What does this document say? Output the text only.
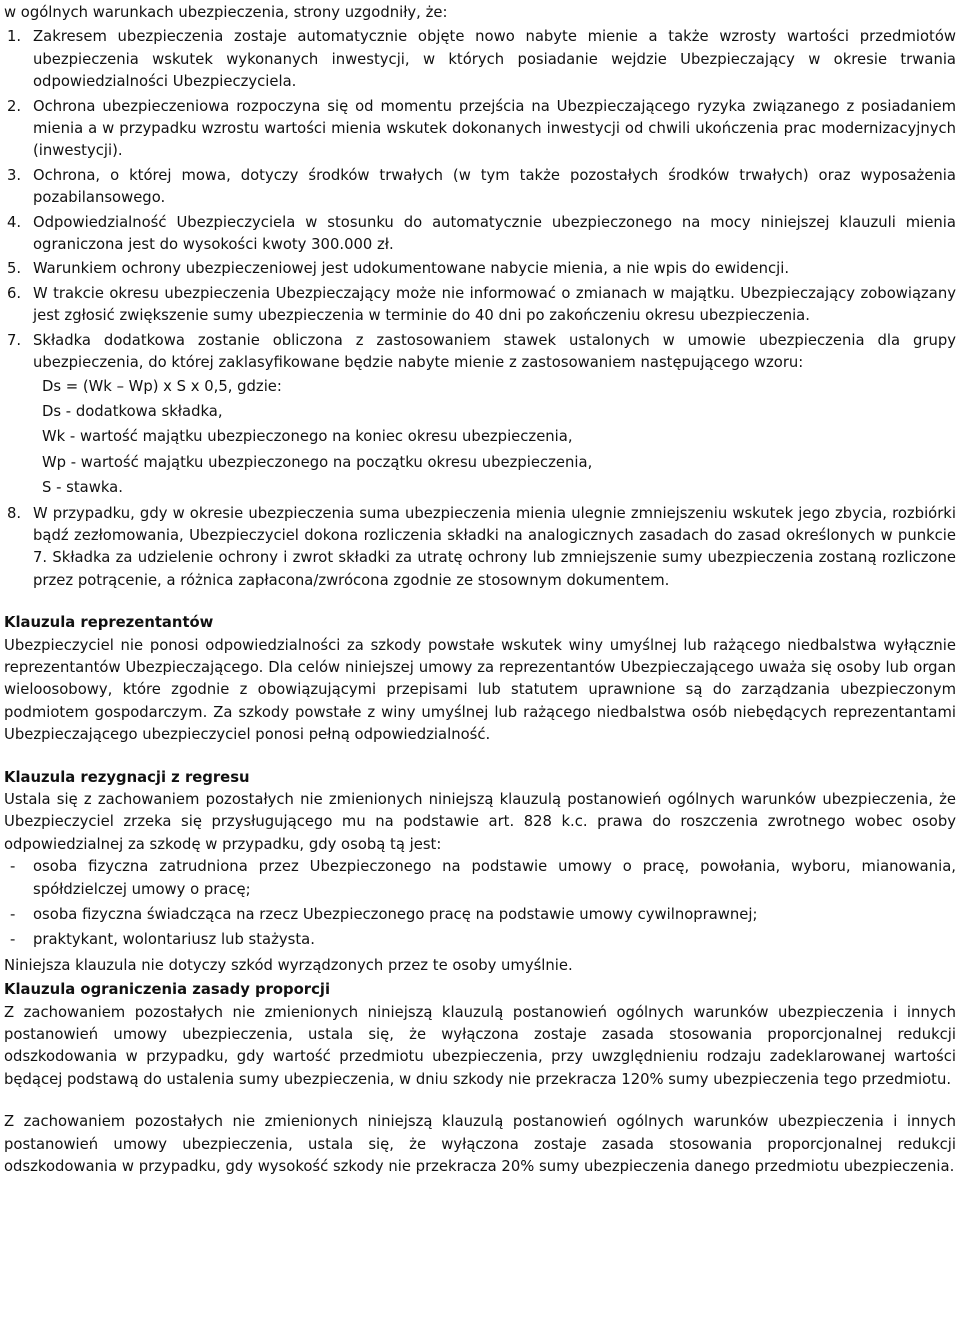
w ogólnych warunkach ubezpieczenia, strony uzgodniły, że:

1. Zakresem ubezpieczenia zostaje automatycznie objęte nowo nabyte mienie a także wzrosty wartości przedmiotów ubezpieczenia wskutek wykonanych inwestycji, w których posiadanie wejdzie Ubezpieczający w okresie trwania odpowiedzialności Ubezpieczyciela.
2. Ochrona ubezpieczeniowa rozpoczyna się od momentu przejścia na Ubezpieczającego ryzyka związanego z posiadaniem mienia a w przypadku wzrostu wartości mienia wskutek dokonanych inwestycji od chwili ukończenia prac modernizacyjnych (inwestycji).
3. Ochrona, o której mowa, dotyczy środków trwałych (w tym także pozostałych środków trwałych) oraz wyposażenia pozabilansowego.
4. Odpowiedzialność Ubezpieczyciela w stosunku do automatycznie ubezpieczonego na mocy niniejszej klauzuli mienia ograniczona jest do wysokości kwoty 300.000 zł.
5. Warunkiem ochrony ubezpieczeniowej jest udokumentowane nabycie mienia, a nie wpis do ewidencji.
6. W trakcie okresu ubezpieczenia Ubezpieczający może nie informować o zmianach w majątku. Ubezpieczający zobowiązany jest zgłosić zwiększenie sumy ubezpieczenia w terminie do 40 dni po zakończeniu okresu ubezpieczenia.
7. Składka dodatkowa zostanie obliczona z zastosowaniem stawek ustalonych w umowie ubezpieczenia dla grupy ubezpieczenia, do której zaklasyfikowane będzie nabyte mienie z zastosowaniem następującego wzoru:
Ds = (Wk – Wp) x S x 0,5, gdzie:
Ds - dodatkowa składka,
Wk - wartość majątku ubezpieczonego na koniec okresu ubezpieczenia,
Wp - wartość majątku ubezpieczonego na początku okresu ubezpieczenia,
S - stawka.
8. W przypadku, gdy w okresie ubezpieczenia suma ubezpieczenia mienia ulegnie zmniejszeniu wskutek jego zbycia, rozbiórki bądź zezłomowania, Ubezpieczyciel dokona rozliczenia składki na analogicznych zasadach do zasad określonych w punkcie 7. Składka za udzielenie ochrony i zwrot składki za utratę ochrony lub zmniejszenie sumy ubezpieczenia zostaną rozliczone przez potrącenie, a różnica zapłacona/zwrócona zgodnie ze stosownym dokumentem.

Klauzula reprezentantów

Ubezpieczyciel nie ponosi odpowiedzialności za szkody powstałe wskutek winy umyślnej lub rażącego niedbalstwa wyłącznie reprezentantów Ubezpieczającego. Dla celów niniejszej umowy za reprezentantów Ubezpieczającego uważa się osoby lub organ wieloosobowy, które zgodnie z obowiązującymi przepisami lub statutem uprawnione są do zarządzania ubezpieczonym podmiotem gospodarczym. Za szkody powstałe z winy umyślnej lub rażącego niedbalstwa osób niebędących reprezentantami Ubezpieczającego ubezpieczyciel ponosi pełną odpowiedzialność.

Klauzula rezygnacji z regresu

Ustala się z zachowaniem pozostałych nie zmienionych niniejszą klauzulą postanowień ogólnych warunków ubezpieczenia, że Ubezpieczyciel zrzeka się przysługującego mu na podstawie art. 828 k.c. prawa do roszczenia zwrotnego wobec osoby odpowiedzialnej za szkodę w przypadku, gdy osobą tą jest:

- osoba fizyczna zatrudniona przez Ubezpieczonego na podstawie umowy o pracę, powołania, wyboru, mianowania, spółdzielczej umowy o pracę;
- osoba fizyczna świadcząca na rzecz Ubezpieczonego pracę na podstawie umowy cywilnoprawnej;
- praktykant, wolontariusz lub stażysta.

Niniejsza klauzula nie dotyczy szkód wyrządzonych przez te osoby umyślnie.

Klauzula ograniczenia zasady proporcji

Z zachowaniem pozostałych nie zmienionych niniejszą klauzulą postanowień ogólnych warunków ubezpieczenia i innych postanowień umowy ubezpieczenia, ustala się, że wyłączona zostaje zasada stosowania proporcjonalnej redukcji odszkodowania w przypadku, gdy wartość przedmiotu ubezpieczenia, przy uwzględnieniu rodzaju zadeklarowanej wartości będącej podstawą do ustalenia sumy ubezpieczenia, w dniu szkody nie przekracza 120% sumy ubezpieczenia tego przedmiotu.

Z zachowaniem pozostałych nie zmienionych niniejszą klauzulą postanowień ogólnych warunków ubezpieczenia i innych postanowień umowy ubezpieczenia, ustala się, że wyłączona zostaje zasada stosowania proporcjonalnej redukcji odszkodowania w przypadku, gdy wysokość szkody nie przekracza 20% sumy ubezpieczenia danego przedmiotu ubezpieczenia.
